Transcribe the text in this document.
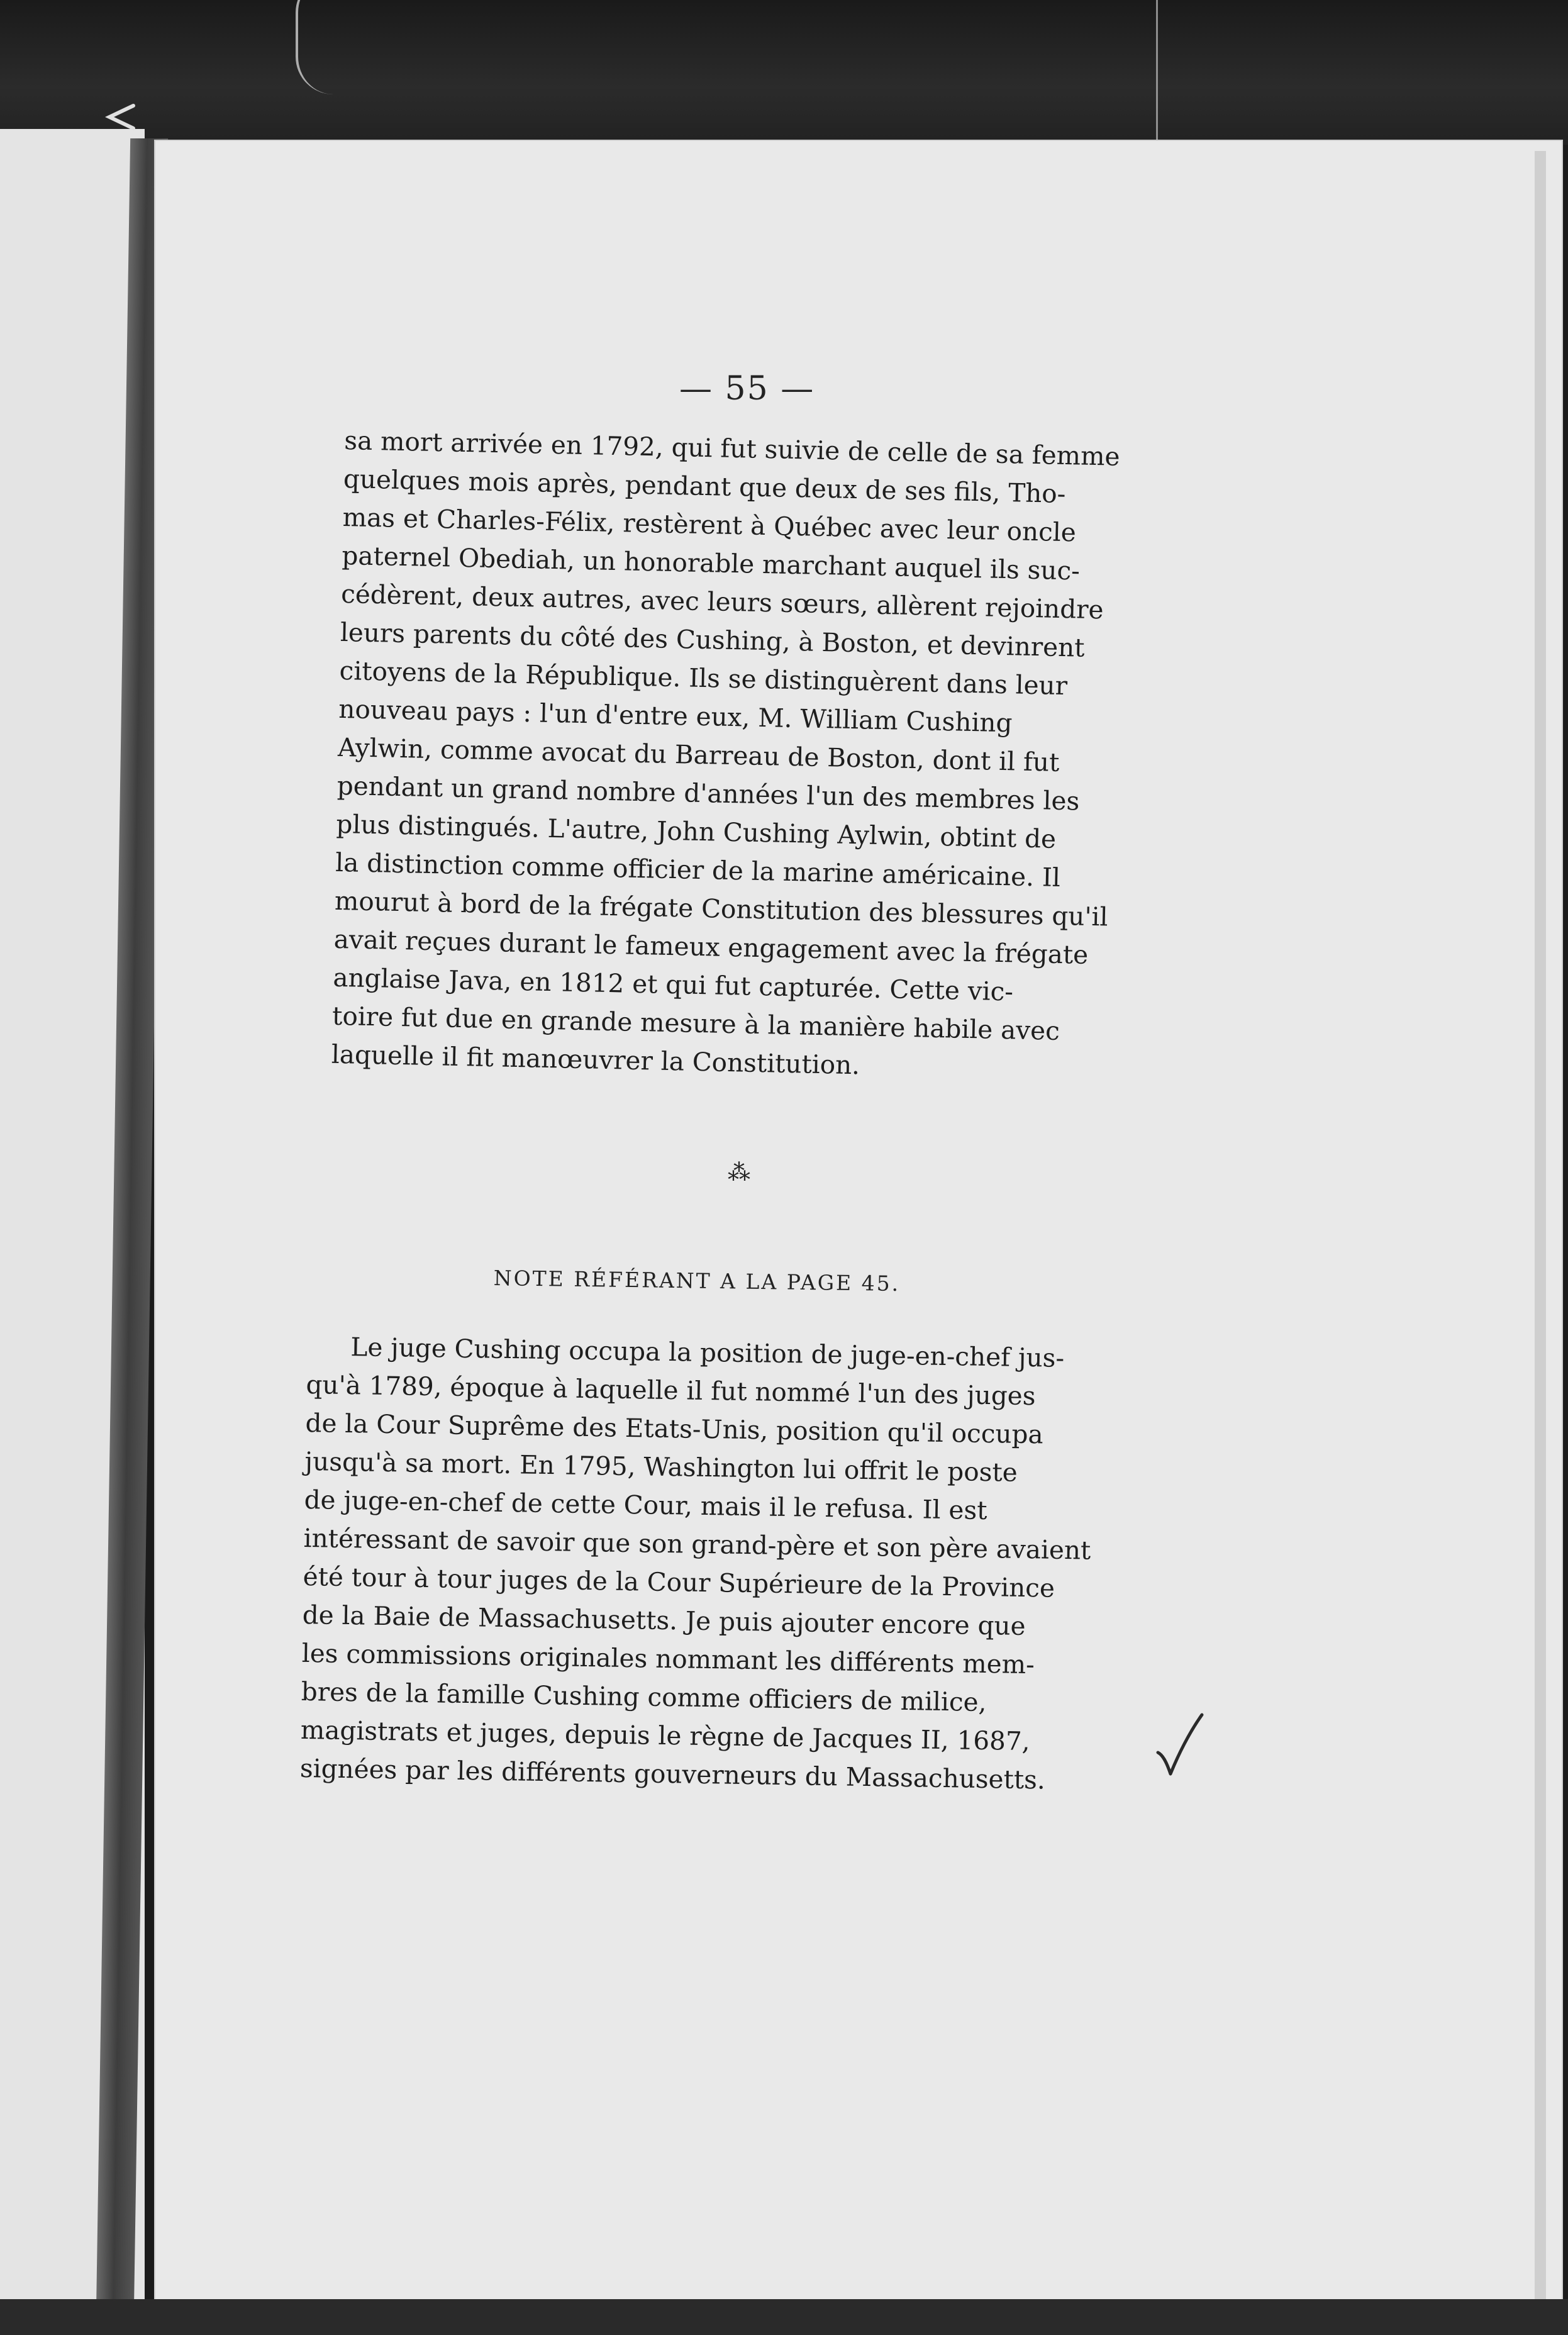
— 55 —
sa mort arrivée en 1792, qui fut suivie de celle de sa femme
quelques mois après, pendant que deux de ses fils, Tho-
mas et Charles-Félix, restèrent à Québec avec leur oncle
paternel Obediah, un honorable marchant auquel ils suc-
cédèrent, deux autres, avec leurs sœurs, allèrent rejoindre
leurs parents du côté des Cushing, à Boston, et devinrent
citoyens de la République. Ils se distinguèrent dans leur
nouveau pays : l'un d'entre eux, M. William Cushing
Aylwin, comme avocat du Barreau de Boston, dont il fut
pendant un grand nombre d'années l'un des membres les
plus distingués. L'autre, John Cushing Aylwin, obtint de
la distinction comme officier de la marine américaine. Il
mourut à bord de la frégate Constitution des blessures qu'il
avait reçues durant le fameux engagement avec la frégate
anglaise Java, en 1812 et qui fut capturée. Cette vic-
toire fut due en grande mesure à la manière habile avec
laquelle il fit manœuvrer la Constitution.
⁂
NOTE RÉFÉRANT A LA PAGE 45.
Le juge Cushing occupa la position de juge-en-chef jus-
qu'à 1789, époque à laquelle il fut nommé l'un des juges
de la Cour Suprême des Etats-Unis, position qu'il occupa
jusqu'à sa mort. En 1795, Washington lui offrit le poste
de juge-en-chef de cette Cour, mais il le refusa. Il est
intéressant de savoir que son grand-père et son père avaient
été tour à tour juges de la Cour Supérieure de la Province
de la Baie de Massachusetts. Je puis ajouter encore que
les commissions originales nommant les différents mem-
bres de la famille Cushing comme officiers de milice,
magistrats et juges, depuis le règne de Jacques II, 1687,
signées par les différents gouverneurs du Massachusetts.
